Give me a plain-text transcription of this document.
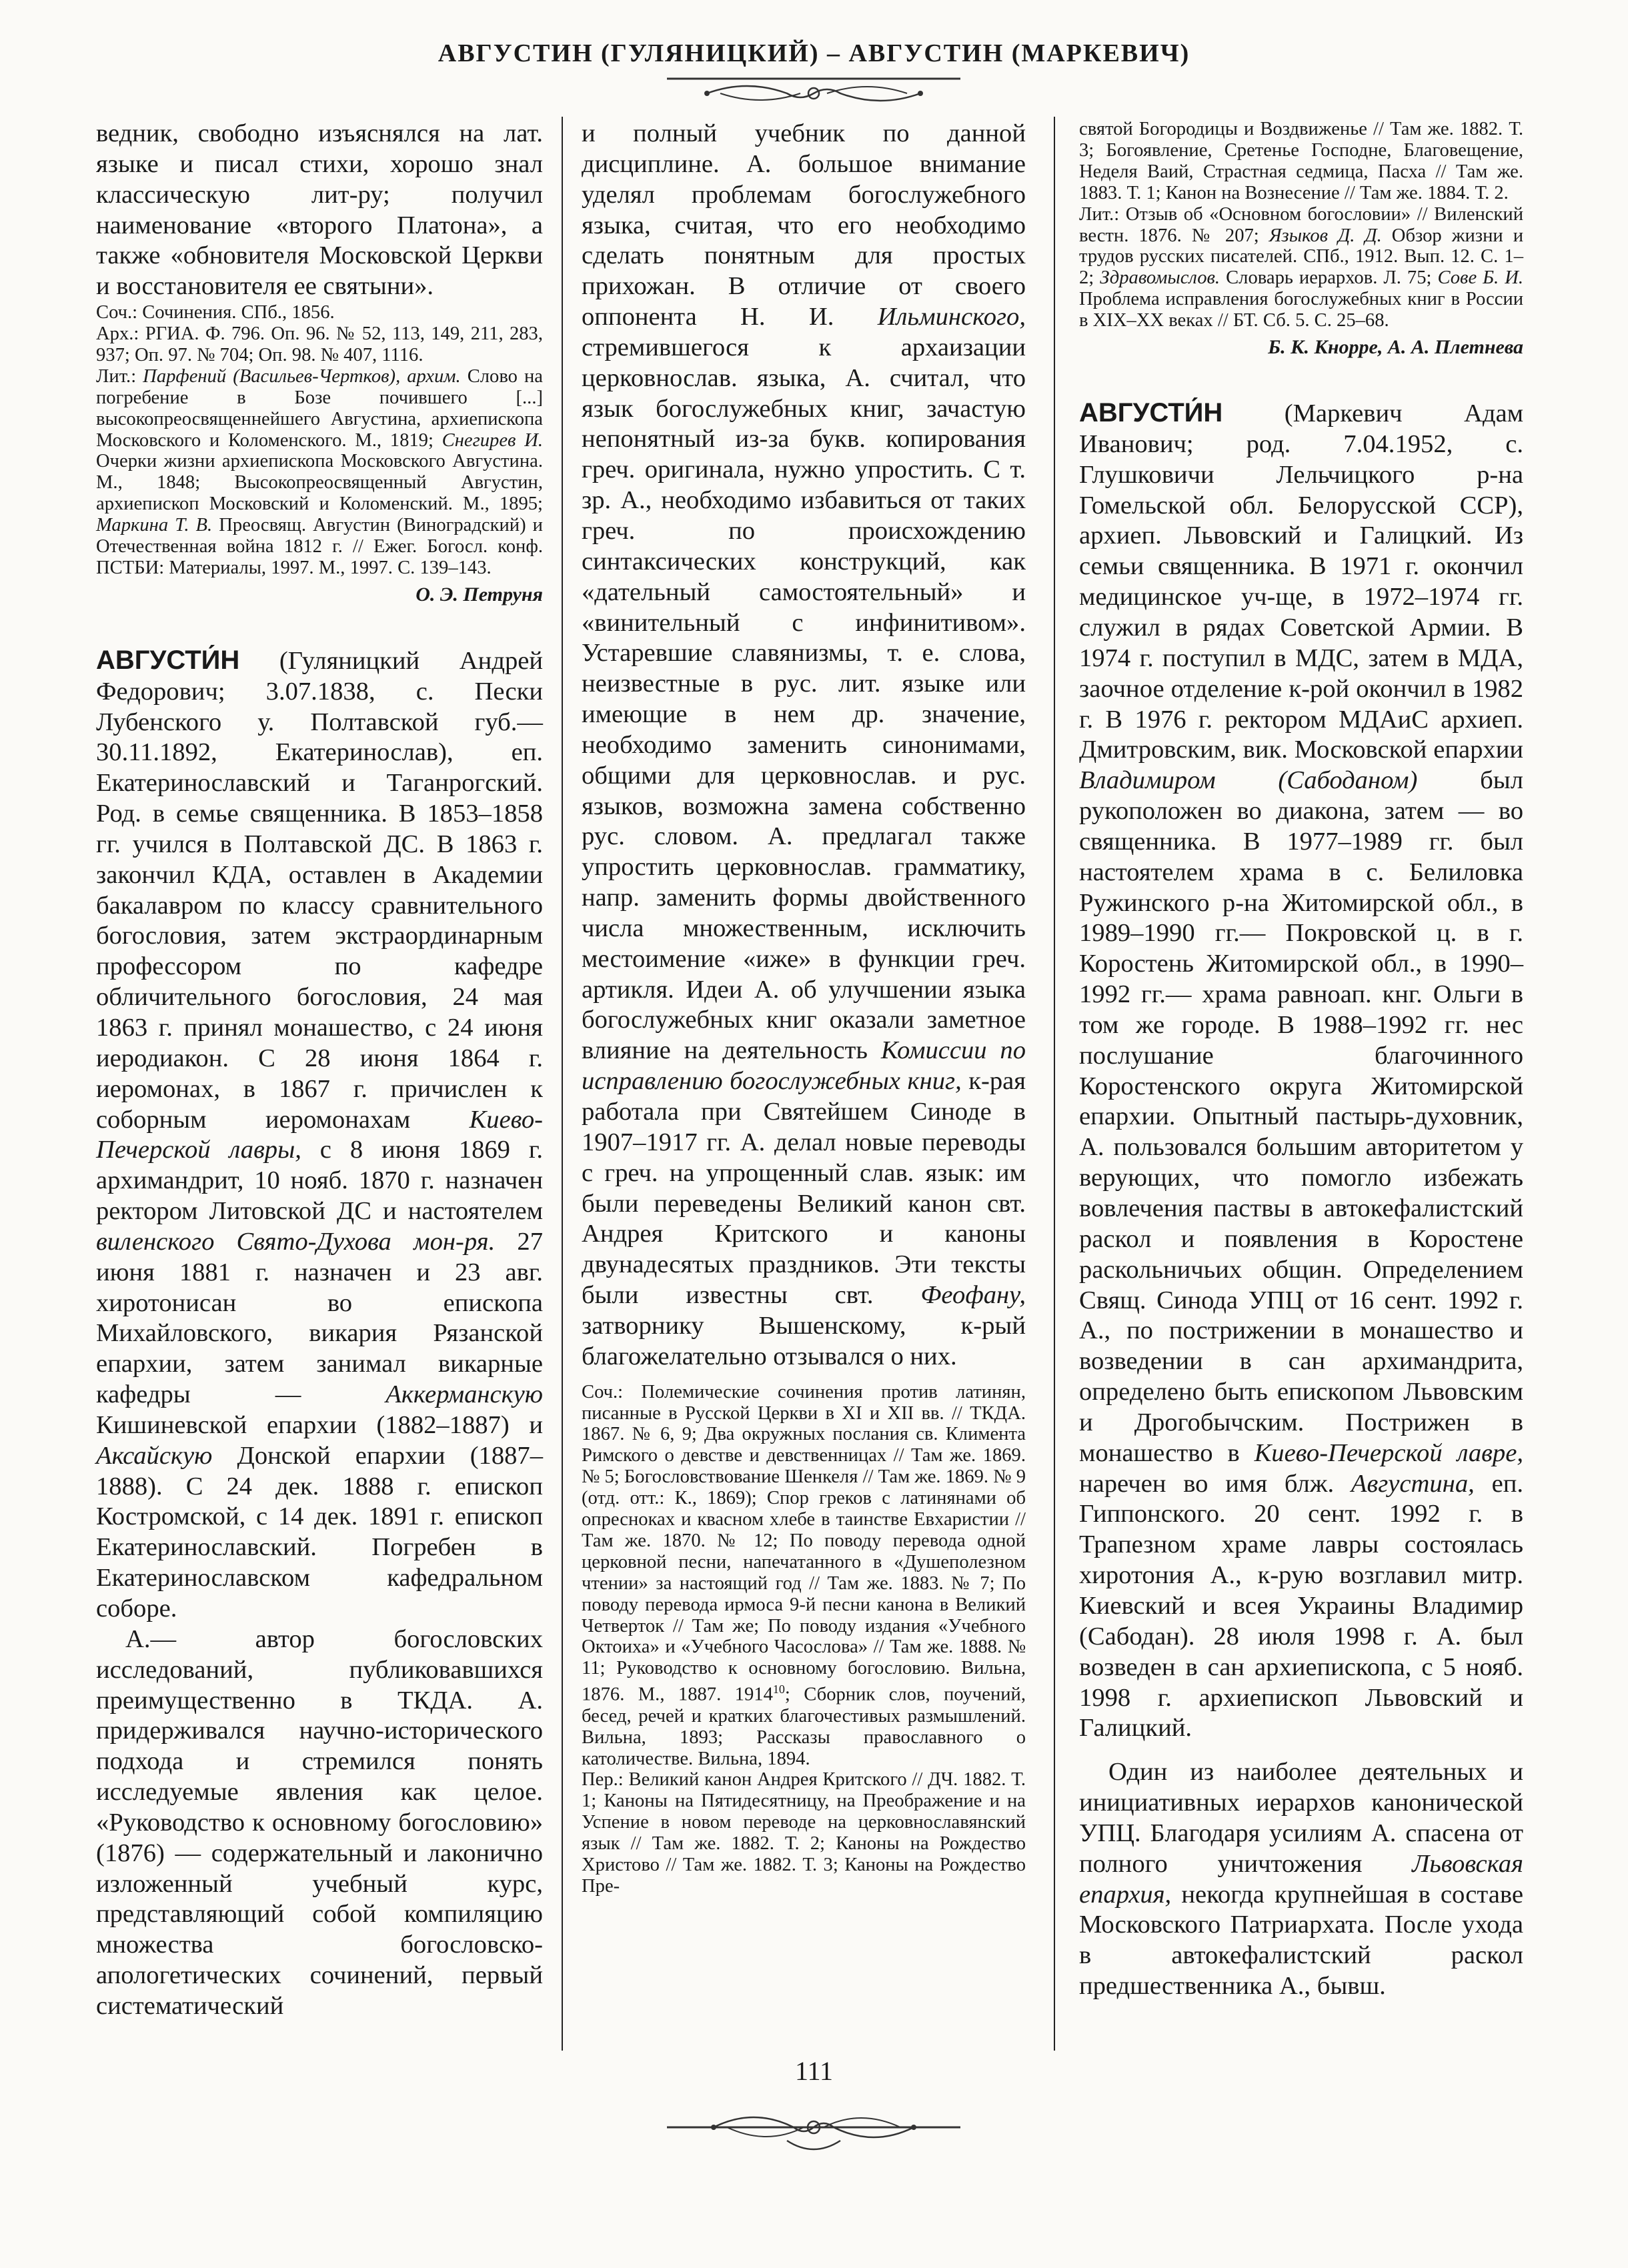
АВГУСТИН (ГУЛЯНИЦКИЙ) – АВГУСТИН (МАРКЕВИЧ)

ведник, свободно изъяснялся на лат. языке и писал стихи, хорошо знал классическую лит-ру; получил наименование «второго Платона», а также «обновителя Московской Церкви и восстановителя ее святыни».

Соч.: Сочинения. СПб., 1856.

Арх.: РГИА. Ф. 796. Оп. 96. № 52, 113, 149, 211, 283, 937; Оп. 97. № 704; Оп. 98. № 407, 1116.

Лит.: Парфений (Васильев-Чертков), архим. Слово на погребение в Бозе почившего [...] высокопреосвященнейшего Августина, архиепископа Московского и Коломенского. М., 1819; Снегирев И. Очерки жизни архиепископа Московского Августина. М., 1848; Высокопреосвященный Августин, архиепископ Московский и Коломенский. М., 1895; Маркина Т. В. Преосвящ. Августин (Виноградский) и Отечественная война 1812 г. // Ежег. Богосл. конф. ПСТБИ: Материалы, 1997. М., 1997. С. 139–143.

О. Э. Петруня

АВГУСТИ́Н (Гуляницкий Андрей Федорович; 3.07.1838, с. Пески Лубенского у. Полтавской губ.— 30.11.1892, Екатеринослав), еп. Екатеринославский и Таганрогский. Род. в семье священника. В 1853–1858 гг. учился в Полтавской ДС. В 1863 г. закончил КДА, оставлен в Академии бакалавром по классу сравнительного богословия, затем экстраординарным профессором по кафедре обличительного богословия, 24 мая 1863 г. принял монашество, с 24 июня иеродиакон. С 28 июня 1864 г. иеромонах, в 1867 г. причислен к соборным иеромонахам Киево-Печерской лавры, с 8 июня 1869 г. архимандрит, 10 нояб. 1870 г. назначен ректором Литовской ДС и настоятелем виленского Свято-Духова мон-ря. 27 июня 1881 г. назначен и 23 авг. хиротонисан во епископа Михайловского, викария Рязанской епархии, затем занимал викарные кафедры — Аккерманскую Кишиневской епархии (1882–1887) и Аксайскую Донской епархии (1887–1888). С 24 дек. 1888 г. епископ Костромской, с 14 дек. 1891 г. епископ Екатеринославский. Погребен в Екатеринославском кафедральном соборе.

А.— автор богословских исследований, публиковавшихся преимущественно в ТКДА. А. придерживался научно-исторического подхода и стремился понять исследуемые явления как целое. «Руководство к основному богословию» (1876) — содержательный и лаконично изложенный учебный курс, представляющий собой компиляцию множества богословско-апологетических сочинений, первый систематический

и полный учебник по данной дисциплине. А. большое внимание уделял проблемам богослужебного языка, считая, что его необходимо сделать понятным для простых прихожан. В отличие от своего оппонента Н. И. Ильминского, стремившегося к архаизации церковнослав. языка, А. считал, что язык богослужебных книг, зачастую непонятный из-за букв. копирования греч. оригинала, нужно упростить. С т. зр. А., необходимо избавиться от таких греч. по происхождению синтаксических конструкций, как «дательный самостоятельный» и «винительный с инфинитивом». Устаревшие славянизмы, т. е. слова, неизвестные в рус. лит. языке или имеющие в нем др. значение, необходимо заменить синонимами, общими для церковнослав. и рус. языков, возможна замена собственно рус. словом. А. предлагал также упростить церковнослав. грамматику, напр. заменить формы двойственного числа множественным, исключить местоимение «иже» в функции греч. артикля. Идеи А. об улучшении языка богослужебных книг оказали заметное влияние на деятельность Комиссии по исправлению богослужебных книг, к-рая работала при Святейшем Синоде в 1907–1917 гг. А. делал новые переводы с греч. на упрощенный слав. язык: им были переведены Великий канон свт. Андрея Критского и каноны двунадесятых праздников. Эти тексты были известны свт. Феофану, затворнику Вышенскому, к-рый благожелательно отзывался о них.

Соч.: Полемические сочинения против латинян, писанные в Русской Церкви в XI и XII вв. // ТКДА. 1867. № 6, 9; Два окружных послания св. Климента Римского о девстве и девственницах // Там же. 1869. № 5; Богословствование Шенкеля // Там же. 1869. № 9 (отд. отт.: К., 1869); Спор греков с латинянами об опресноках и квасном хлебе в таинстве Евхаристии // Там же. 1870. № 12; По поводу перевода одной церковной песни, напечатанного в «Душеполезном чтении» за настоящий год // Там же. 1883. № 7; По поводу перевода ирмоса 9-й песни канона в Великий Четверток // Там же; По поводу издания «Учебного Октоиха» и «Учебного Часослова» // Там же. 1888. № 11; Руководство к основному богословию. Вильна, 1876. М., 1887. 1914$^{10}$; Сборник слов, поучений, бесед, речей и кратких благочестивых размышлений. Вильна, 1893; Рассказы православного о католичестве. Вильна, 1894.

Пер.: Великий канон Андрея Критского // ДЧ. 1882. Т. 1; Каноны на Пятидесятницу, на Преображение и на Успение в новом переводе на церковнославянский язык // Там же. 1882. Т. 2; Каноны на Рождество Христово // Там же. 1882. Т. 3; Каноны на Рождество Пре-

святой Богородицы и Воздвиженье // Там же. 1882. Т. 3; Богоявление, Сретенье Господне, Благовещение, Неделя Ваий, Страстная седмица, Пасха // Там же. 1883. Т. 1; Канон на Вознесение // Там же. 1884. Т. 2.

Лит.: Отзыв об «Основном богословии» // Виленский вестн. 1876. № 207; Языков Д. Д. Обзор жизни и трудов русских писателей. СПб., 1912. Вып. 12. С. 1–2; Здравомыслов. Словарь иерархов. Л. 75; Сове Б. И. Проблема исправления богослужебных книг в России в XIX–XX веках // БТ. Сб. 5. С. 25–68.

Б. К. Кнорре, А. А. Плетнева

АВГУСТИ́Н (Маркевич Адам Иванович; род. 7.04.1952, с. Глушковичи Лельчицкого р-на Гомельской обл. Белорусской ССР), архиеп. Львовский и Галицкий. Из семьи священника. В 1971 г. окончил медицинское уч-ще, в 1972–1974 гг. служил в рядах Советской Армии. В 1974 г. поступил в МДС, затем в МДА, заочное отделение к-рой окончил в 1982 г. В 1976 г. ректором МДАиС архиеп. Дмитровским, вик. Московской епархии Владимиром (Сабоданом) был рукоположен во диакона, затем — во священника. В 1977–1989 гг. был настоятелем храма в с. Белиловка Ружинского р-на Житомирской обл., в 1989–1990 гг.— Покровской ц. в г. Коростень Житомирской обл., в 1990–1992 гг.— храма равноап. кнг. Ольги в том же городе. В 1988–1992 гг. нес послушание благочинного Коростенского округа Житомирской епархии. Опытный пастырь-духовник, А. пользовался большим авторитетом у верующих, что помогло избежать вовлечения паствы в автокефалистский раскол и появления в Коростене раскольничьих общин. Определением Свящ. Синода УПЦ от 16 сент. 1992 г. А., по пострижении в монашество и возведении в сан архимандрита, определено быть епископом Львовским и Дрогобычским. Пострижен в монашество в Киево-Печерской лавре, наречен во имя блж. Августина, еп. Гиппонского. 20 сент. 1992 г. в Трапезном храме лавры состоялась хиротония А., к-рую возглавил митр. Киевский и всея Украины Владимир (Сабодан). 28 июля 1998 г. А. был возведен в сан архиепископа, с 5 нояб. 1998 г. архиепископ Львовский и Галицкий.

Один из наиболее деятельных и инициативных иерархов канонической УПЦ. Благодаря усилиям А. спасена от полного уничтожения Львовская епархия, некогда крупнейшая в составе Московского Патриархата. После ухода в автокефалистский раскол предшественника А., бывш.

111
